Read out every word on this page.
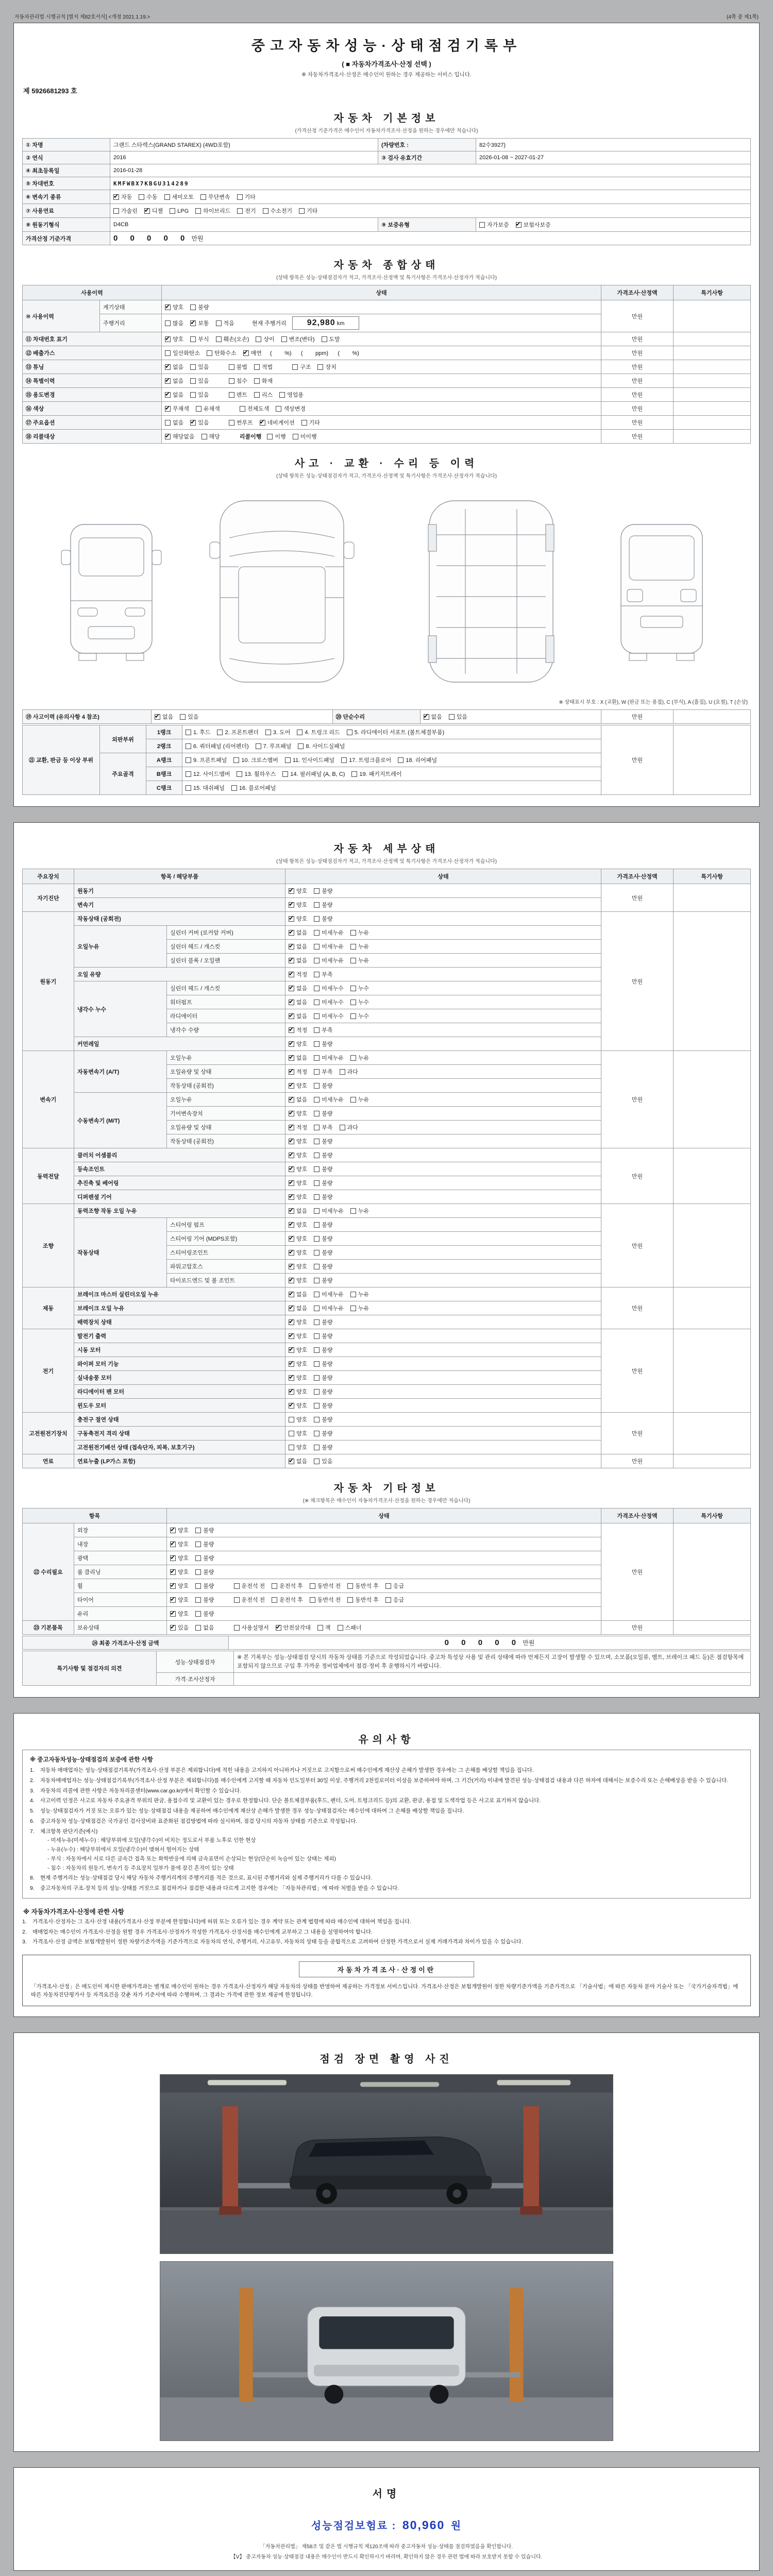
자동차관리법 시행규칙 [별지 제82호서식] <개정 2021.1.19.>	(4쪽 중 제1쪽)
중고자동차성능·상태점검기록부
( ■ 자동차가격조사·산정 선택 )
※ 자동차가격조사·산정은 매수인이 원하는 경우 제공하는 서비스 입니다.
제 5926681293 호
자동차 기본정보
(가격산정 기준가격은 매수인이 자동차가격조사·산정을 원하는 경우에만 적습니다)
① 차명	그랜드 스타렉스(GRAND STAREX) (4WD포함)	(차량번호 :	82수3927)
② 연식	2016	③ 검사 유효기간	2026-01-08 ~ 2027-01-27
④ 최초등록일	2016-01-28		
⑤ 차대번호	KMFWBX7KBGU314289		
⑥ 변속기 종류	✔자동 수동 세미오토 무단변속 기타
⑦ 사용연료	가솔린 ✔ 디젤 LPG 하이브리드 전기 수소전기 기타
⑧ 원동기형식	D4CB	⑨ 보증유형	자가보증 ✔ 보험사보증
가격산정 기준가격	0 0 0 0 0 만원		
자동차 종합상태
(상태 항목은 성능·상태점검자가 적고, 가격조사·산정액 및 특기사항은 가격조사·산정자가 적습니다)
사용이력		상태	가격조사·산정액	특기사항
⑩ 사용이력	계기상태	✔양호 불량	만원	
	주행거리	많음 ✔ 보통 적음 현재 주행거리 92,980 km
⑪ 차대번호 표기	✔양호 부식 훼손(오손) 상이 변조(변타) 도말	만원	
⑫ 배출가스		일산화탄소 탄화수소 ✔ 매연 (        %)      (        ppm)      (        %)	만원	
⑬ 튜닝	✔없음 있음 불법 적법 구조 장치	만원	
⑭ 특별이력	✔없음 있음 침수 화재	만원	
⑮ 용도변경	✔없음 있음 렌트 리스 영업용	만원	
⑯ 색상	✔무채색 유채색 전체도색 색상변경	만원	
⑰ 주요옵션		없음 ✔ 있음 썬루프 ✔ 네비게이션 기타	만원	
⑱ 리콜대상	✔해당없음 해당 리콜이행 이행 미이행	만원	
사고 · 교환 · 수리 등 이력
(상태 항목은 성능·상태점검자가 적고, 가격조사·산정액 및 특기사항은 가격조사·산정자가 적습니다)
※ 상태표시 부호 : X (교환), W (판금 또는 용접), C (부식), A (흠집), U (요철), T (손상)
⑲ 사고이력 (유의사항 4 참조)	✔없음	있음	⑳ 단순수리	✔없음	있음	만원	
㉑ 교환, 판금 등 이상 부위	외판부위	1랭크	1. 후드 2. 프론트펜더 3. 도어 4. 트렁크 리드 5. 라디에이터 서포트 (볼트체결부품)	만원	
		2랭크	6. 쿼터패널 (리어펜더) 7. 루프패널 8. 사이드실패널		
	주요골격	A랭크	9. 프론트패널 10. 크로스멤버 11. 인사이드패널 17. 트렁크플로어 18. 리어패널		
		B랭크	12. 사이드멤버 13. 휠하우스 14. 필러패널 (A, B, C) 19. 패키지트레이		
		C랭크	15. 대쉬패널 16. 플로어패널		
자동차 세부상태
(상태 항목은 성능·상태점검자가 적고, 가격조사·산정액 및 특기사항은 가격조사·산정자가 적습니다)
주요장치	항목 / 해당부품		상태	가격조사·산정액	특기사항
자기진단	원동기	✔양호 불량	만원	
	변속기	✔양호 불량
원동기	작동상태 (공회전)	✔양호 불량	만원	
	오일누유	실린더 커버 (로커암 커버)	✔없음 미세누유 누유
		실린더 헤드 / 개스킷	✔없음 미세누유 누유
		실린더 블록 / 오일팬	✔없음 미세누유 누유
	오일 유량	✔적정 부족
	냉각수 누수	실린더 헤드 / 개스킷	✔없음 미세누수 누수
		워터펌프	✔없음 미세누수 누수
		라디에이터	✔없음 미세누수 누수
		냉각수 수량	✔적정 부족
	커먼레일	✔양호 불량
변속기	자동변속기 (A/T)	오일누유	✔없음 미세누유 누유	만원	
		오일유량 및 상태	✔적정 부족 과다
		작동상태 (공회전)	✔양호 불량
	수동변속기 (M/T)	오일누유	✔없음 미세누유 누유
		기어변속장치	✔양호 불량
		오일유량 및 상태	✔적정 부족 과다
		작동상태 (공회전)	✔양호 불량
동력전달	클러치 어셈블리	✔양호 불량	만원	
	등속조인트	✔양호 불량
	추진축 및 베어링	✔양호 불량
	디퍼렌셜 기어	✔양호 불량
조향	동력조향 작동 오일 누유	✔없음 미세누유 누유	만원	
	작동상태	스티어링 펌프	✔양호 불량
		스티어링 기어 (MDPS포함)	✔양호 불량
		스티어링조인트	✔양호 불량
		파워고압호스	✔양호 불량
		타이로드엔드 및 볼 조인트	✔양호 불량
제동	브레이크 마스터 실린더오일 누유	✔없음 미세누유 누유	만원	
	브레이크 오일 누유	✔없음 미세누유 누유
	배력장치 상태	✔양호 불량
전기	발전기 출력	✔양호 불량	만원	
	시동 모터	✔양호 불량
	와이퍼 모터 기능	✔양호 불량
	실내송풍 모터	✔양호 불량
	라디에이터 팬 모터	✔양호 불량
	윈도우 모터	✔양호 불량
고전원전기장치	충전구 절연 상태		양호 불량	만원	
	구동축전지 격리 상태		양호 불량		
	고전원전기배선 상태 (접속단자, 피복, 보호기구)		양호 불량		
연료	연료누출 (LP가스 포함)	✔없음 있음	만원	
자동차 기타정보
(※ 체크항목은 매수인이 자동차가격조사·산정을 원하는 경우에만 적습니다)
항목		상태	가격조사·산정액	특기사항
㉒ 수리필요	외장	✔양호 불량	만원	
	내장	✔양호 불량
	광택	✔양호 불량
	룸 클리닝	✔양호 불량
	휠	✔양호 불량 운전석 전 운전석 후 동반석 전 동반석 후 응급
	타이어	✔양호 불량 운전석 전 운전석 후 동반석 전 동반석 후 응급
	유리	✔양호 불량
㉓ 기본품목	보유상태	✔있음 없음 사용설명서 ✔ 안전삼각대 잭 스패너	만원	
㉔ 최종 가격조사·산정 금액	0 0 0 0 0 만원
특기사항 및 점검자의 의견	성능·상태점검자	※ 본 기록부는 성능·상태점검 당시의 자동차 상태를 기준으로 작성되었습니다. 중고차 특성상 사용 및 관리 상태에 따라 언제든지 고장이 발생할 수 있으며, 소모품(오일류, 벨트, 브레이크 패드 등)은 점검항목에 포함되지 않으므로 구입 후 가까운 정비업체에서 점검·정비 후 운행하시기 바랍니다.
	가격·조사산정자	
유의사항
※ 중고자동차성능·상태점검의 보증에 관한 사항
1.	자동차 매매업자는 성능·상태점검기록부(가격조사·산정 부분은 제외합니다)에 적힌 내용을 고지하지 아니하거나 거짓으로 고지함으로써 매수인에게 재산상 손해가 발생한 경우에는 그 손해를 배상할 책임을 집니다.
2.	자동차매매업자는 성능·상태점검기록부(가격조사·산정 부분은 제외합니다)를 매수인에게 고지할 때 자동차 인도일부터 30일 이상, 주행거리 2천킬로미터 이상을 보증하여야 하며, 그 기간(거리) 이내에 발견된 성능·상태점검 내용과 다른 하자에 대해서는 보증수리 또는 손해배상을 받을 수 있습니다.
3.	자동차의 리콜에 관한 사항은 자동차리콜센터(www.car.go.kr)에서 확인할 수 있습니다.
4.	사고이력 인정은 사고로 자동차 주요골격 부위의 판금, 용접수리 및 교환이 있는 경우로 한정합니다. 단순 볼트체결부품(후드, 펜더, 도어, 트렁크리드 등)의 교환, 판금, 용접 및 도색작업 등은 사고로 표기하지 않습니다.
5.	성능·상태점검자가 거짓 또는 오류가 있는 성능·상태점검 내용을 제공하여 매수인에게 재산상 손해가 발생한 경우 성능·상태점검자는 매수인에 대하여 그 손해를 배상할 책임을 집니다.
6.	중고자동차 성능·상태점검은 국가공인 검사장비와 표준화된 점검방법에 따라 실시하며, 점검 당시의 자동차 상태를 기준으로 작성됩니다.
7.	체크항목 판단기준(예시)
- 미세누유(미세누수) : 해당부위에 오일(냉각수)이 비치는 정도로서 부품 노후로 인한 현상
- 누유(누수) : 해당부위에서 오일(냉각수)이 맺혀서 떨어지는 상태
- 부식 : 자동차에서 서로 다른 금속간 접촉 또는 화학반응에 의해 금속표면이 손상되는 현상(단순히 녹슬어 있는 상태는 제외)
- 침수 : 자동차의 원동기, 변속기 등 주요장치 일부가 물에 잠긴 흔적이 있는 상태
8.	현재 주행거리는 성능·상태점검 당시 해당 자동차 주행거리계의 주행거리를 적은 것으로, 표시된 주행거리와 실제 주행거리가 다를 수 있습니다.
9.	중고자동차의 구조·장치 등의 성능·상태를 거짓으로 점검하거나 점검한 내용과 다르게 고지한 경우에는 「자동차관리법」에 따라 처벌을 받을 수 있습니다.
※ 자동차가격조사·산정에 관한 사항
1.	가격조사·산정자는 그 조사·산정 내용(가격조사·산정 부분에 한정합니다)에 허위 또는 오류가 있는 경우 계약 또는 관계 법령에 따라 매수인에 대하여 책임을 집니다.
2.	매매업자는 매수인이 가격조사·산정을 원할 경우 가격조사·산정자가 작성한 가격조사·산정서를 매수인에게 교부하고 그 내용을 설명하여야 합니다.
3.	가격조사·산정 금액은 보험개발원이 정한 차량기준가액을 기준가격으로 자동차의 연식, 주행거리, 사고유무, 자동차의 상태 등을 종합적으로 고려하여 산정한 가격으로서 실제 거래가격과 차이가 있을 수 있습니다.
자동차가격조사·산정이란
「가격조사·산정」은 매도인이 제시한 판매가격과는 별개로 매수인이 원하는 경우 가격조사·산정자가 해당 자동차의 상태를 반영하여 제공하는 가격정보 서비스입니다. 가격조사·산정은 보험개발원이 정한 차량기준가액을 기준가격으로 「기술사법」에 따른 자동차 분야 기술사 또는 「국가기술자격법」에 따른 자동차진단평가사 등 자격요건을 갖춘 자가 기준서에 따라 수행하며, 그 결과는 가격에 관한 정보 제공에 한정됩니다.
점검 장면 촬영 사진
서명
성능점검보험료 : 80,960 원
「자동차관리법」 제58조 및 같은 법 시행규칙 제120조에 따라 중고자동차 성능·상태를 점검하였음을 확인합니다.
【Ⅴ】 중고자동차 성능·상태점검 내용은 매수인이 반드시 확인하시기 바라며, 확인하지 않은 경우 관련 법에 따라 보호받지 못할 수 있습니다.
